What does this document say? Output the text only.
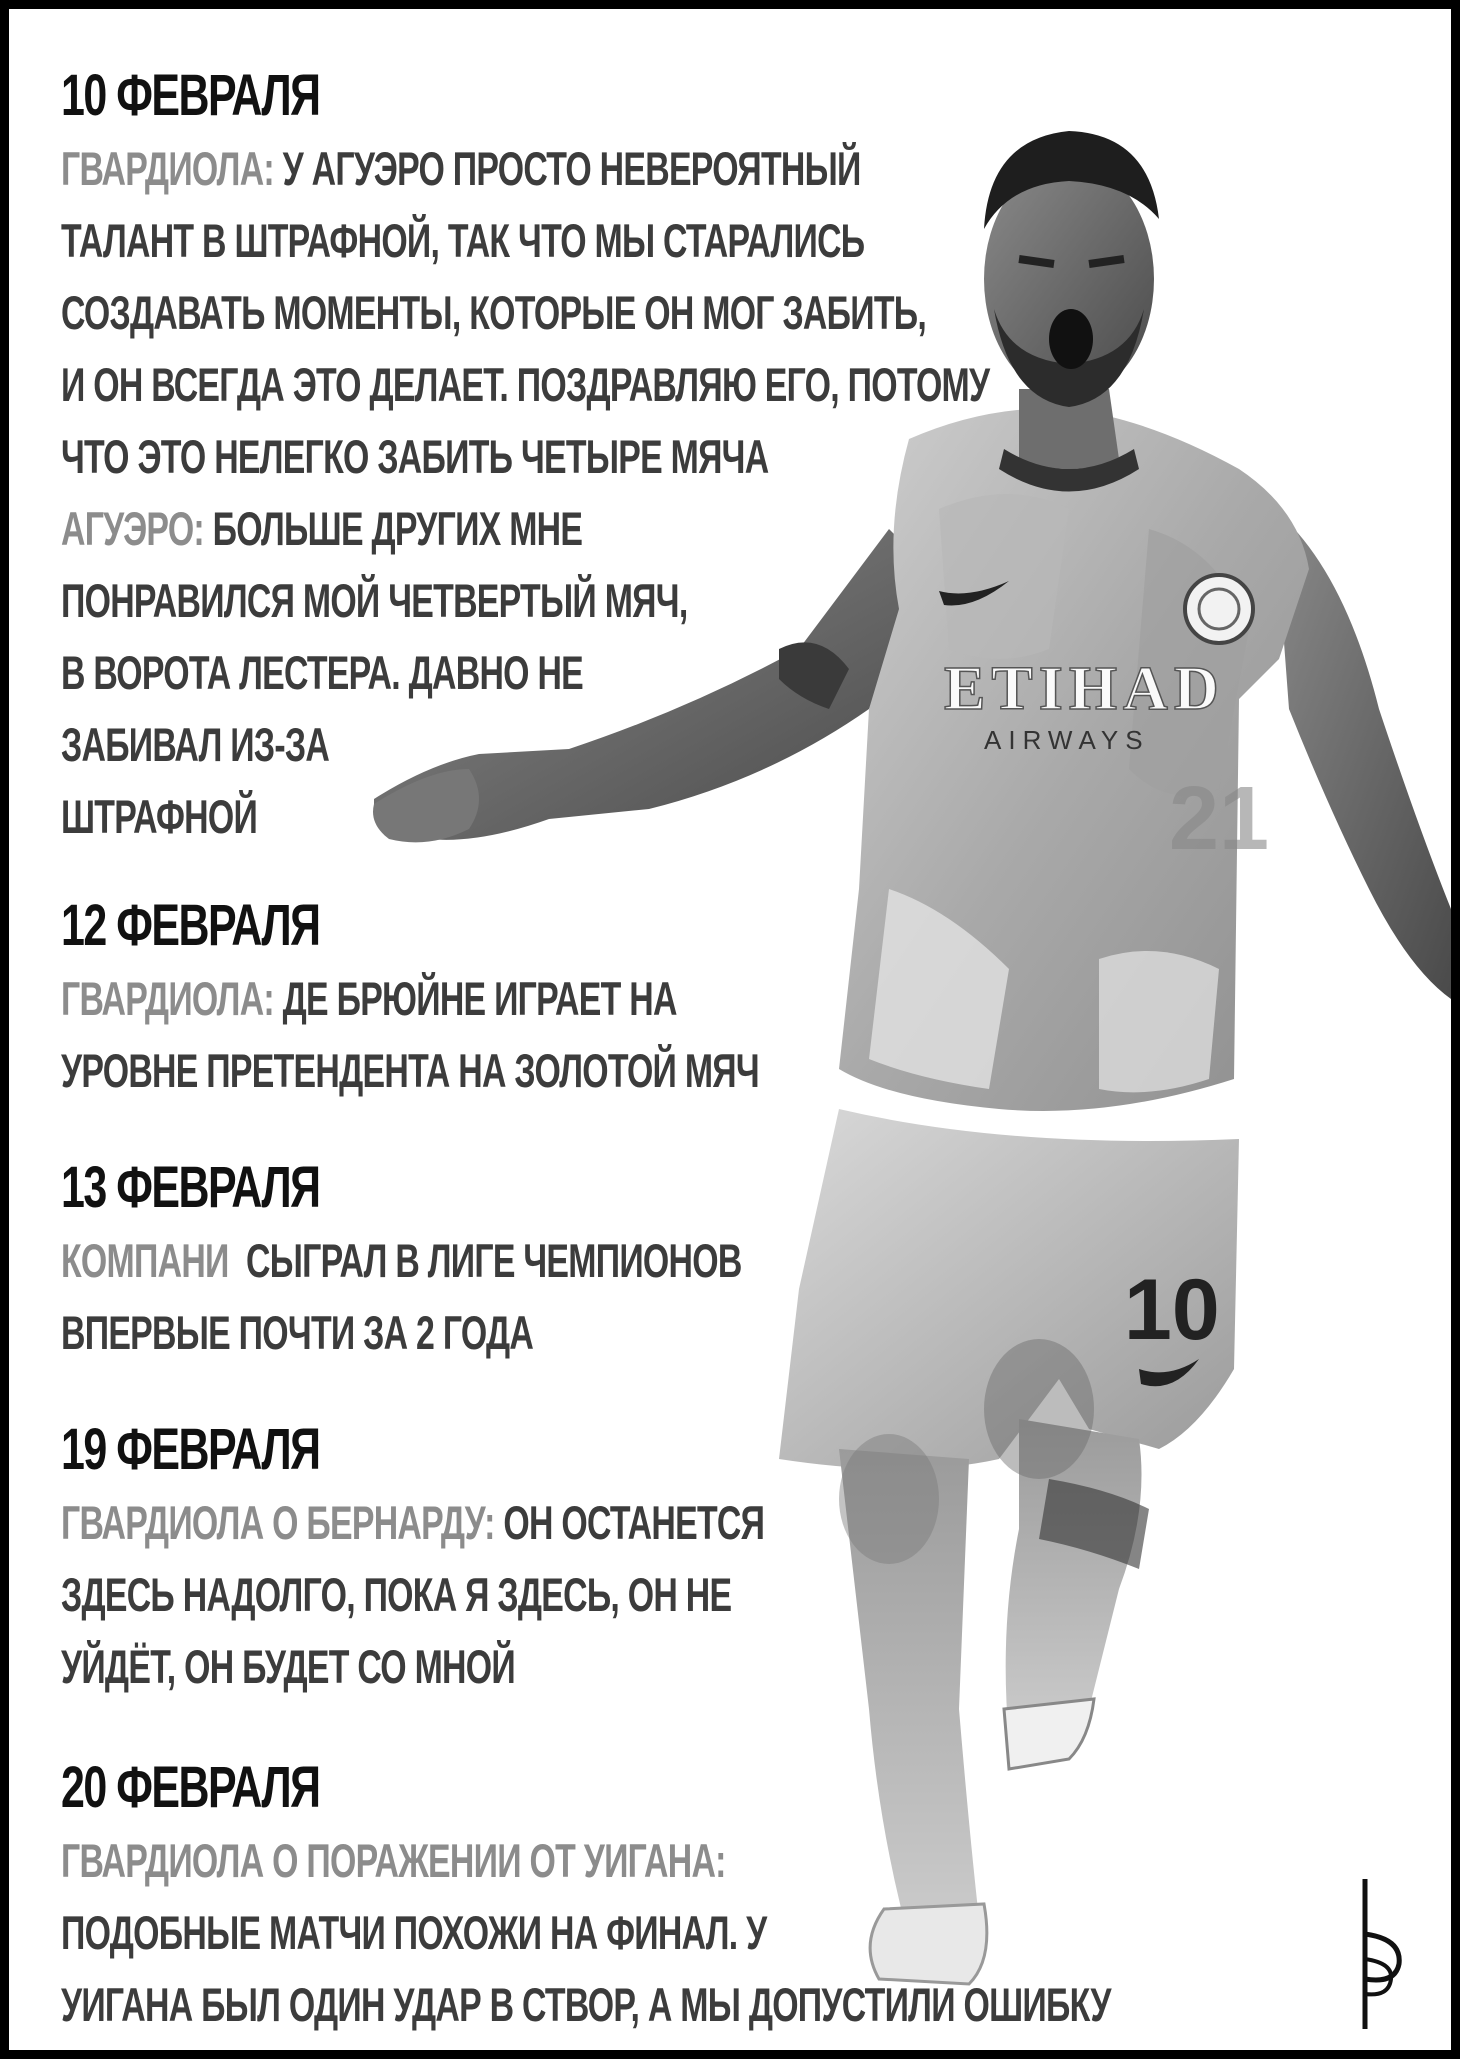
ETIHAD
AIRWAYS
21
10
10 ФЕВРАЛЯ
ГВАРДИОЛА: У АГУЭРО ПРОСТО НЕВЕРОЯТНЫЙ
ТАЛАНТ В ШТРАФНОЙ, ТАК ЧТО МЫ СТАРАЛИСЬ
СОЗДАВАТЬ МОМЕНТЫ, КОТОРЫЕ ОН МОГ ЗАБИТЬ,
И ОН ВСЕГДА ЭТО ДЕЛАЕТ. ПОЗДРАВЛЯЮ ЕГО, ПОТОМУ
ЧТО ЭТО НЕЛЕГКО ЗАБИТЬ ЧЕТЫРЕ МЯЧА
АГУЭРО: БОЛЬШЕ ДРУГИХ МНЕ
ПОНРАВИЛСЯ МОЙ ЧЕТВЕРТЫЙ МЯЧ,
В ВОРОТА ЛЕСТЕРА. ДАВНО НЕ
ЗАБИВАЛ ИЗ-ЗА
ШТРАФНОЙ
12 ФЕВРАЛЯ
ГВАРДИОЛА: ДЕ БРЮЙНЕ ИГРАЕТ НА
УРОВНЕ ПРЕТЕНДЕНТА НА ЗОЛОТОЙ МЯЧ
13 ФЕВРАЛЯ
КОМПАНИ СЫГРАЛ В ЛИГЕ ЧЕМПИОНОВ
ВПЕРВЫЕ ПОЧТИ ЗА 2 ГОДА
19 ФЕВРАЛЯ
ГВАРДИОЛА О БЕРНАРДУ: ОН ОСТАНЕТСЯ
ЗДЕСЬ НАДОЛГО, ПОКА Я ЗДЕСЬ, ОН НЕ
УЙДЁТ, ОН БУДЕТ СО МНОЙ
20 ФЕВРАЛЯ
ГВАРДИОЛА О ПОРАЖЕНИИ ОТ УИГАНА:
ПОДОБНЫЕ МАТЧИ ПОХОЖИ НА ФИНАЛ. У
УИГАНА БЫЛ ОДИН УДАР В СТВОР, А МЫ ДОПУСТИЛИ ОШИБКУ
